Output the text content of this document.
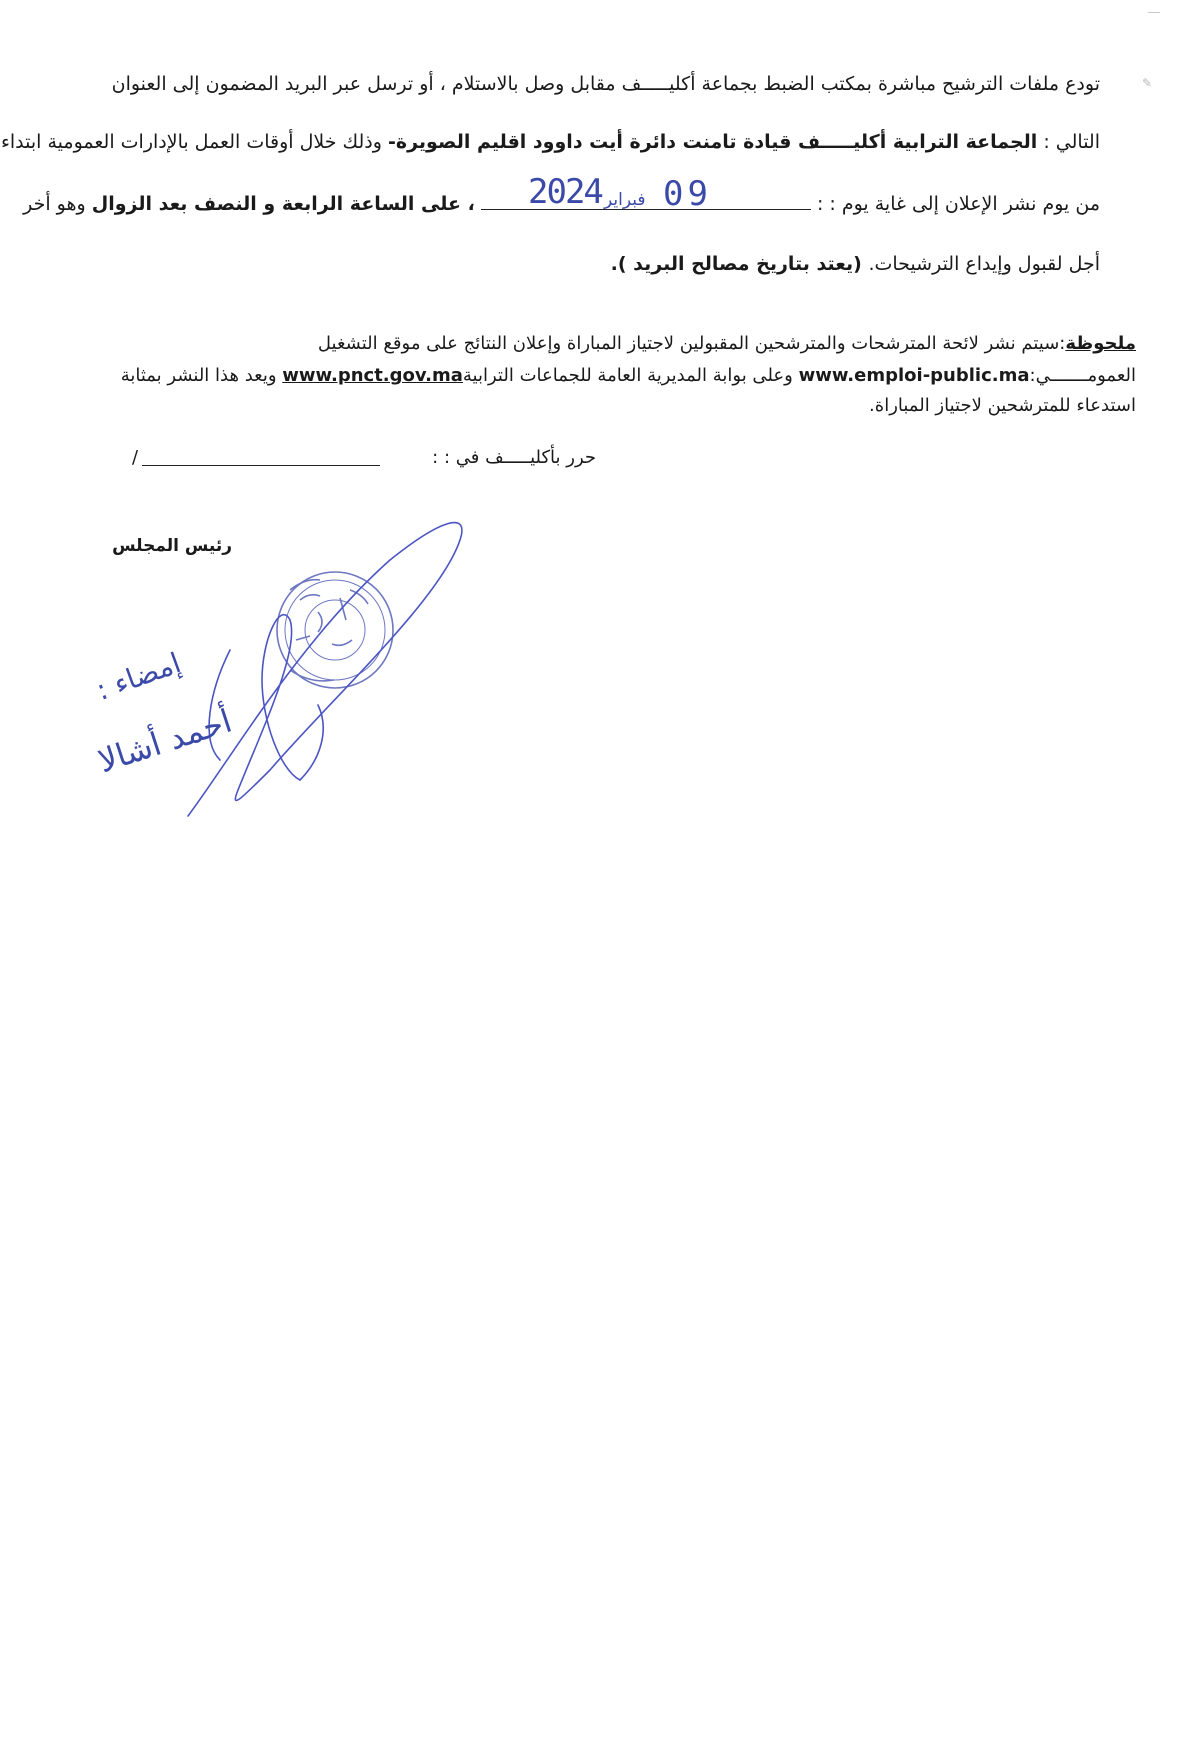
تودع ملفات الترشيح مباشرة بمكتب الضبط بجماعة أكليـــــف مقابل وصل بالاستلام ، أو ترسل عبر البريد المضمون إلى العنوان
التالي : الجماعة الترابية أكليـــــف قيادة تامنت دائرة أيت داوود اقليم الصويرة- وذلك خلال أوقات العمل بالإدارات العمومية ابتداء
من يوم نشر الإعلان إلى غاية يوم : :  ، على الساعة الرابعة و النصف بعد الزوال وهو أخر	2024 فبراير 09
أجل لقبول وإيداع الترشيحات. (يعتد بتاريخ مصالح البريد ).
ملحوظة:سيتم نشر لائحة المترشحات والمترشحين المقبولين لاجتياز المباراة وإعلان النتائج على موقع التشغيل
العمومـــــــي:www.emploi-public.ma وعلى بوابة المديرية العامة للجماعات الترابيةwww.pnct.gov.ma ويعد هذا النشر بمثابة
استدعاء للمترشحين لاجتياز المباراة.
حرر بأكليـــــف في : :
/
رئيس المجلس
إمضاء :
أحمد أشالا
✎
